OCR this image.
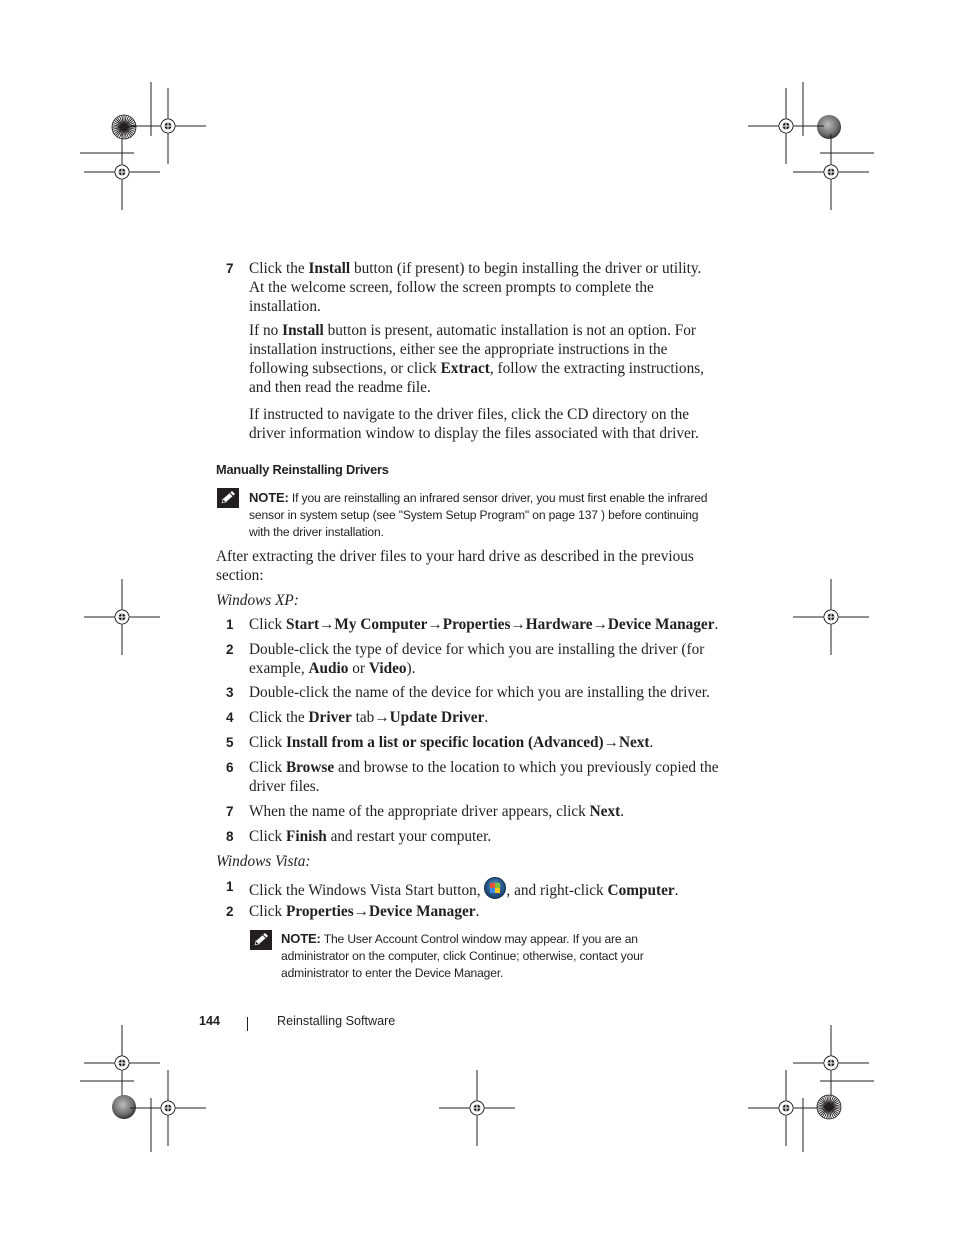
7 Click the Install button (if present) to begin installing the driver or utility. At the welcome screen, follow the screen prompts to complete the installation.

If no Install button is present, automatic installation is not an option. For installation instructions, either see the appropriate instructions in the following subsections, or click Extract, follow the extracting instructions, and then read the readme file.

If instructed to navigate to the driver files, click the CD directory on the driver information window to display the files associated with that driver.

Manually Reinstalling Drivers
NOTE: If you are reinstalling an infrared sensor driver, you must first enable the infrared sensor in system setup (see "System Setup Program" on page 137 ) before continuing with the driver installation.

After extracting the driver files to your hard drive as described in the previous section:

Windows XP:

1 Click Start→My Computer→Properties→Hardware→Device Manager.

2 Double-click the type of device for which you are installing the driver (for example, Audio or Video).

3 Double-click the name of the device for which you are installing the driver.

4 Click the Driver tab→Update Driver.

5 Click Install from a list or specific location (Advanced)→Next.

6 Click Browse and browse to the location to which you previously copied the driver files.

7 When the name of the appropriate driver appears, click Next.

8 Click Finish and restart your computer.

Windows Vista:

1 Click the Windows Vista Start button,
, and right-click Computer.

2 Click Properties→Device Manager.

NOTE: The User Account Control window may appear. If you are an administrator on the computer, click Continue; otherwise, contact your administrator to enter the Device Manager.
144	Reinstalling Software
